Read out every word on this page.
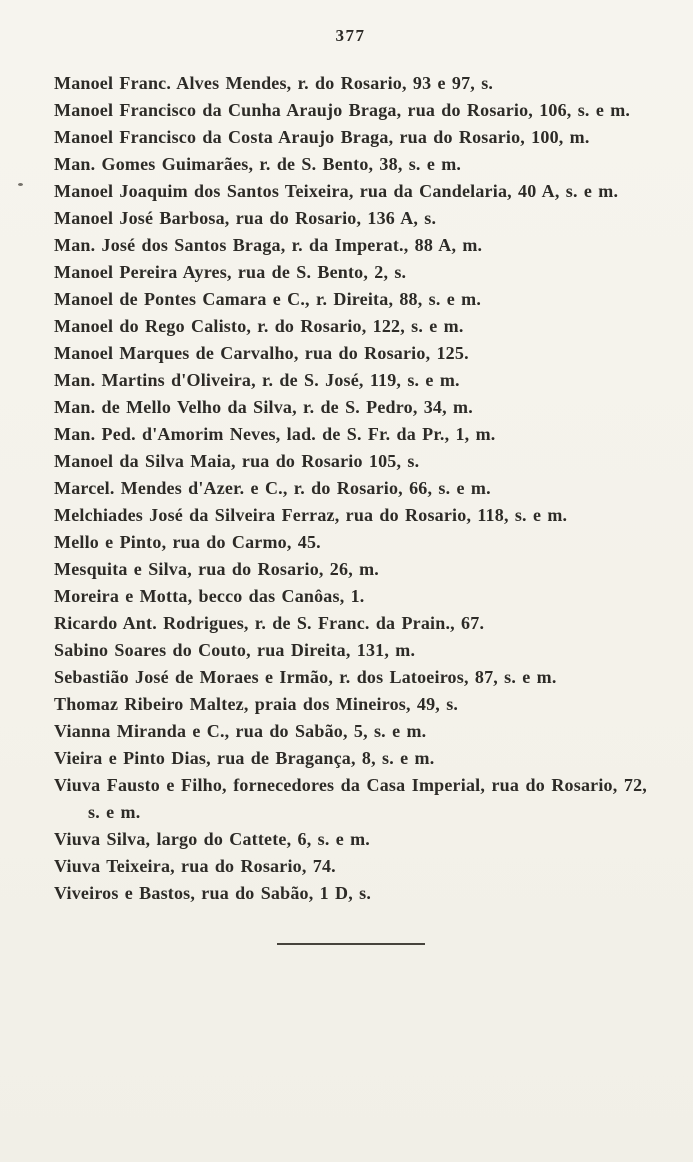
377

Manoel Franc. Alves Mendes, r. do Rosario, 93 e 97, s.

Manoel Francisco da Cunha Araujo Braga, rua do Rosario, 106, s. e m.

Manoel Francisco da Costa Araujo Braga, rua do Rosario, 100, m.

Man. Gomes Guimarães, r. de S. Bento, 38, s. e m.

Manoel Joaquim dos Santos Teixeira, rua da Candelaria, 40 A, s. e m.

Manoel José Barbosa, rua do Rosario, 136 A, s.

Man. José dos Santos Braga, r. da Imperat., 88 A, m.

Manoel Pereira Ayres, rua de S. Bento, 2, s.

Manoel de Pontes Camara e C., r. Direita, 88, s. e m.

Manoel do Rego Calisto, r. do Rosario, 122, s. e m.

Manoel Marques de Carvalho, rua do Rosario, 125.

Man. Martins d'Oliveira, r. de S. José, 119, s. e m.

Man. de Mello Velho da Silva, r. de S. Pedro, 34, m.

Man. Ped. d'Amorim Neves, lad. de S. Fr. da Pr., 1, m.

Manoel da Silva Maia, rua do Rosario 105, s.

Marcel. Mendes d'Azer. e C., r. do Rosario, 66, s. e m.

Melchiades José da Silveira Ferraz, rua do Rosario, 118, s. e m.

Mello e Pinto, rua do Carmo, 45.

Mesquita e Silva, rua do Rosario, 26, m.

Moreira e Motta, becco das Canôas, 1.

Ricardo Ant. Rodrigues, r. de S. Franc. da Prain., 67.

Sabino Soares do Couto, rua Direita, 131, m.

Sebastião José de Moraes e Irmão, r. dos Latoeiros, 87, s. e m.

Thomaz Ribeiro Maltez, praia dos Mineiros, 49, s.

Vianna Miranda e C., rua do Sabão, 5, s. e m.

Vieira e Pinto Dias, rua de Bragança, 8, s. e m.

Viuva Fausto e Filho, fornecedores da Casa Imperial, rua do Rosario, 72, s. e m.

Viuva Silva, largo do Cattete, 6, s. e m.

Viuva Teixeira, rua do Rosario, 74.

Viveiros e Bastos, rua do Sabão, 1 D, s.
